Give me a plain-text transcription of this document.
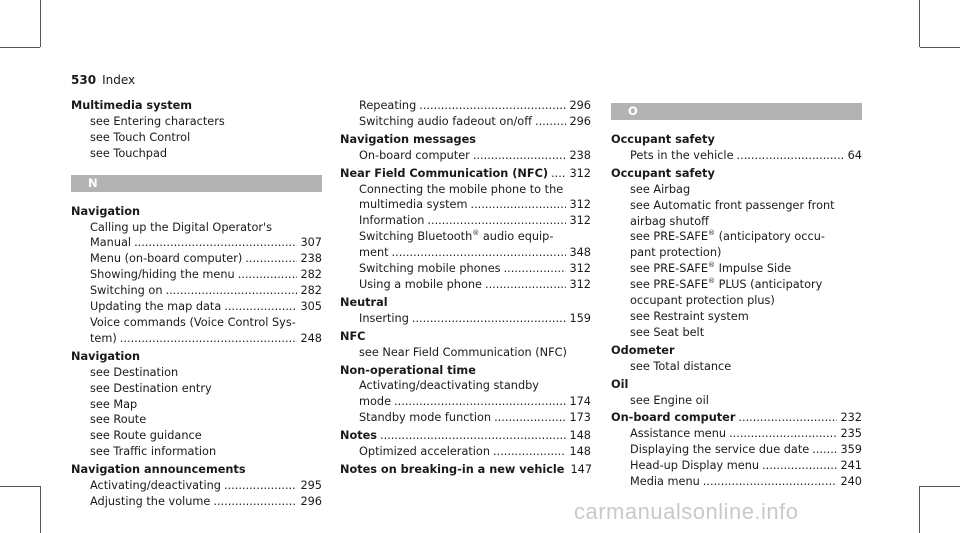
530 Index
Multimedia system
see Entering characters
see Touch Control
see Touchpad
N
Navigation
Calling up the Digital Operator's
Manual .....	307
Menu (on-board computer) .....	238
Showing/hiding the menu .....	282
Switching on .....	282
Updating the map data .....	305
Voice commands (Voice Control Sys-
tem) .....	248
Navigation
see Destination
see Destination entry
see Map
see Route
see Route guidance
see Traffic information
Navigation announcements
Activating/deactivating .....	295
Adjusting the volume .....	296
Repeating .....	296
Switching audio fadeout on/off .....	296
Navigation messages
On-board computer .....	238
Near Field Communication (NFC) ..... 312
Connecting the mobile phone to the
multimedia system .....	312
Information .....	312
Switching Bluetooth® audio equip-
ment .....	348
Switching mobile phones .....	312
Using a mobile phone .....	312
Neutral
Inserting .....	159
NFC
see Near Field Communication (NFC)
Non-operational time
Activating/deactivating standby
mode .....	174
Standby mode function .....	173
Notes .....	148
Optimized acceleration .....	148
Notes on breaking-in a new vehicle 147
O
Occupant safety
Pets in the vehicle .....	64
Occupant safety
see Airbag
see Automatic front passenger front
airbag shutoff
see PRE-SAFE® (anticipatory occu-
pant protection)
see PRE-SAFE® Impulse Side
see PRE-SAFE® PLUS (anticipatory
occupant protection plus)
see Restraint system
see Seat belt
Odometer
see Total distance
Oil
see Engine oil
On-board computer .....	232
Assistance menu .....	235
Displaying the service due date .....	359
Head-up Display menu .....	241
Media menu .....	240
carmanualsonline.info
